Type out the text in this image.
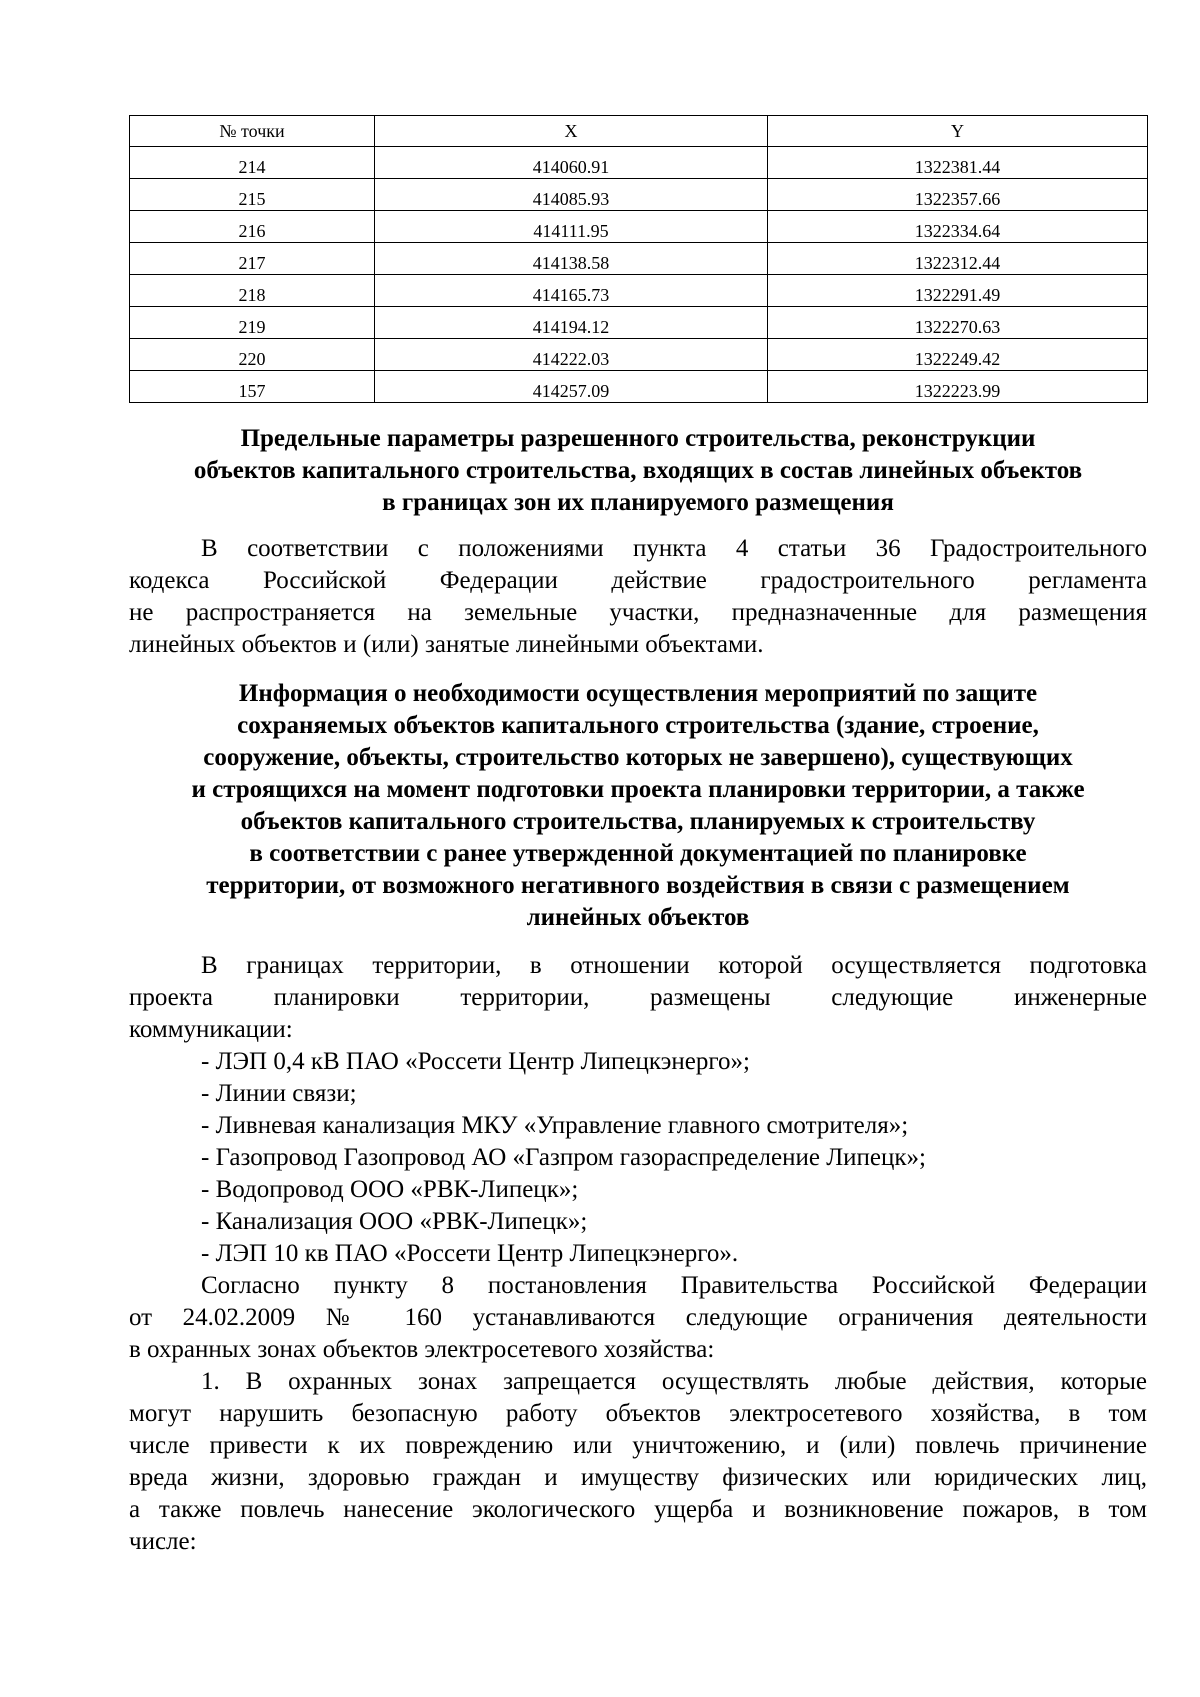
№ точки	X	Y
214	414060.91	1322381.44
215	414085.93	1322357.66
216	414111.95	1322334.64
217	414138.58	1322312.44
218	414165.73	1322291.49
219	414194.12	1322270.63
220	414222.03	1322249.42
157	414257.09	1322223.99
Предельные параметры разрешенного строительства, реконструкции
объектов капитального строительства, входящих в состав линейных объектов
в границах зон их планируемого размещения
В соответствии с положениями пункта 4 статьи 36 Градостроительного
кодекса Российской Федерации действие градостроительного регламента
не распространяется на земельные участки, предназначенные для размещения
линейных объектов и (или) занятые линейными объектами.
Информация о необходимости осуществления мероприятий по защите
сохраняемых объектов капитального строительства (здание, строение,
сооружение, объекты, строительство которых не завершено), существующих
и строящихся на момент подготовки проекта планировки территории, а также
объектов капитального строительства, планируемых к строительству
в соответствии с ранее утвержденной документацией по планировке
территории, от возможного негативного воздействия в связи с размещением
линейных объектов
В границах территории, в отношении которой осуществляется подготовка
проекта планировки территории, размещены следующие инженерные
коммуникации:
- ЛЭП 0,4 кВ ПАО «Россети Центр Липецкэнерго»;
- Линии связи;
- Ливневая канализация МКУ «Управление главного смотрителя»;
- Газопровод Газопровод АО «Газпром газораспределение Липецк»;
- Водопровод ООО «РВК-Липецк»;
- Канализация ООО «РВК-Липецк»;
- ЛЭП 10 кв ПАО «Россети Центр Липецкэнерго».
Согласно пункту 8 постановления Правительства Российской Федерации
от 24.02.2009 № 160 устанавливаются следующие ограничения деятельности
в охранных зонах объектов электросетевого хозяйства:
1. В охранных зонах запрещается осуществлять любые действия, которые
могут нарушить безопасную работу объектов электросетевого хозяйства, в том
числе привести к их повреждению или уничтожению, и (или) повлечь причинение
вреда жизни, здоровью граждан и имуществу физических или юридических лиц,
а также повлечь нанесение экологического ущерба и возникновение пожаров, в том
числе:
